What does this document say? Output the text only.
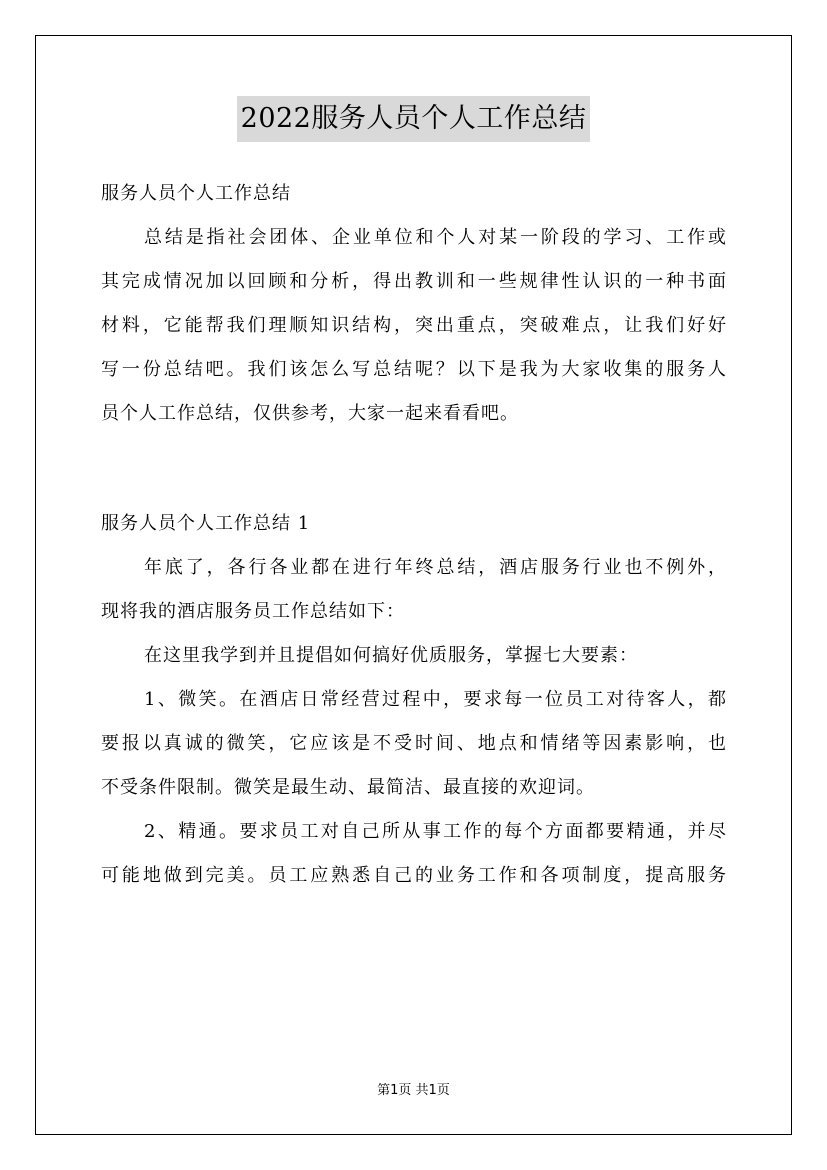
2022服务人员个人工作总结
服务人员个人工作总结
总结是指社会团体、企业单位和个人对某一阶段的学习、工作或
其完成情况加以回顾和分析，得出教训和一些规律性认识的一种书面
材料，它能帮我们理顺知识结构，突出重点，突破难点，让我们好好
写一份总结吧。我们该怎么写总结呢？以下是我为大家收集的服务人
员个人工作总结，仅供参考，大家一起来看看吧。
服务人员个人工作总结 1
年底了，各行各业都在进行年终总结，酒店服务行业也不例外，
现将我的酒店服务员工作总结如下：
在这里我学到并且提倡如何搞好优质服务，掌握七大要素：
1、微笑。在酒店日常经营过程中，要求每一位员工对待客人，都
要报以真诚的微笑，它应该是不受时间、地点和情绪等因素影响，也
不受条件限制。微笑是最生动、最简洁、最直接的欢迎词。
2、精通。要求员工对自己所从事工作的每个方面都要精通，并尽
可能地做到完美。员工应熟悉自己的业务工作和各项制度，提高服务
第1页 共1页
